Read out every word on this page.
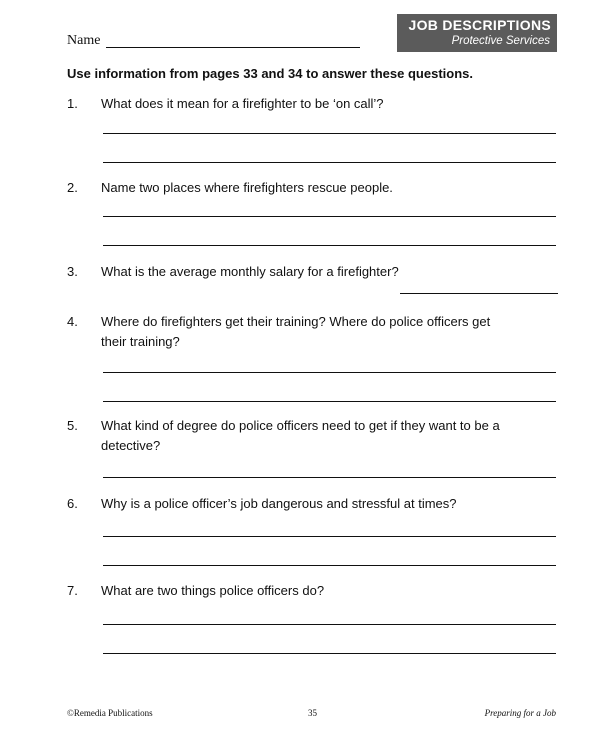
Name
JOB DESCRIPTIONS
Protective Services
Use information from pages 33 and 34 to answer these questions.
1. What does it mean for a firefighter to be ‘on call’?
2. Name two places where firefighters rescue people.
3. What is the average monthly salary for a firefighter?
4. Where do firefighters get their training? Where do police officers get their training?
5. What kind of degree do police officers need to get if they want to be a detective?
6. Why is a police officer’s job dangerous and stressful at times?
7. What are two things police officers do?
©Remedia Publications	35	Preparing for a Job
